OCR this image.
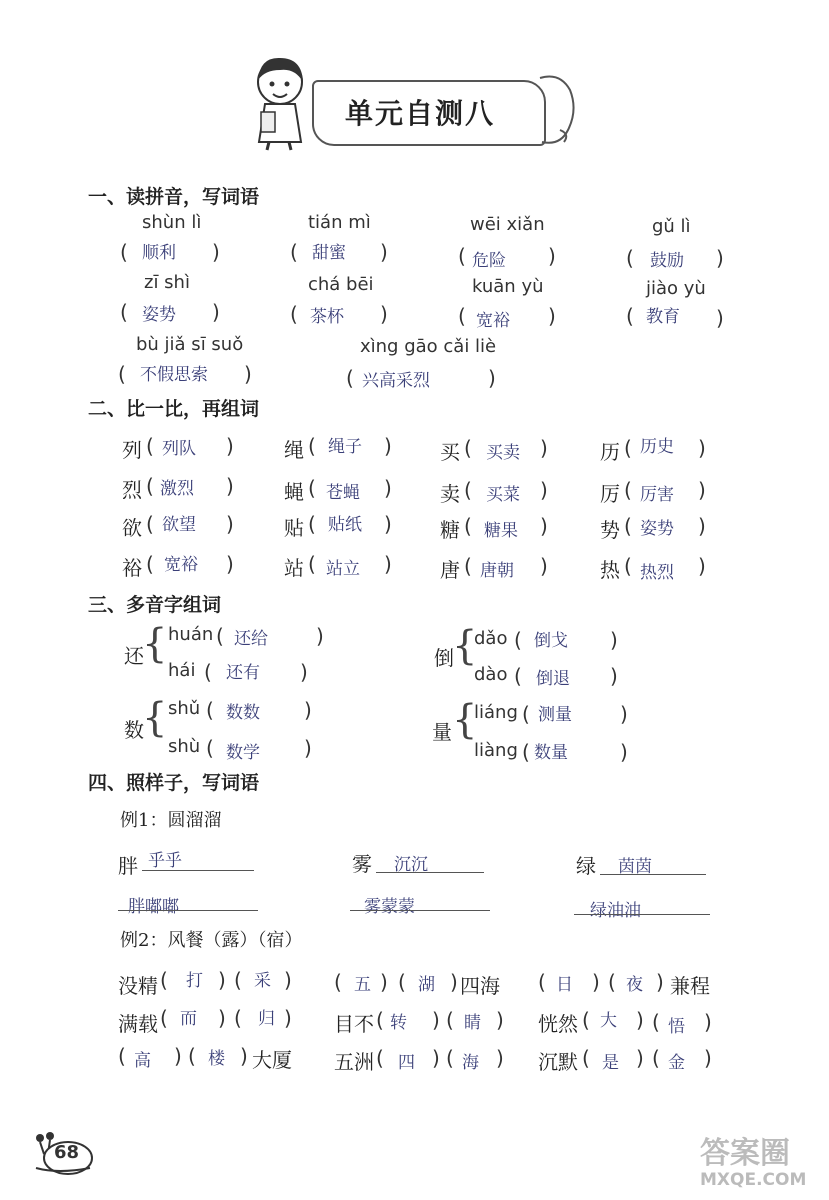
单元自测八
一、读拼音，写词语
shùn lì
( 顺利 )
tián mì
( 甜蜜 )
wēi xiǎn
( 危险 )
gǔ lì
( 鼓励 )
zī shì
( 姿势 )
chá bēi
( 茶杯 )
kuān yù
( 宽裕 )
jiào yù
( 教育 )
bù jiǎ sī suǒ
( 不假思索 )
xìng gāo cǎi liè
( 兴高采烈	)
二、比一比，再组词
列 ( 列队 )	绳 ( 绳子 ) 买 ( 买卖 )	历 ( 历史 )
烈 ( 激烈 )	蝇 ( 苍蝇 ) 卖 ( 买菜 )	厉 ( 厉害 )
欲 ( 欲望 )	贴 ( 贴纸 ) 糖 ( 糖果 )	势 ( 姿势 )
裕 ( 宽裕 )	站 ( 站立 ) 唐 ( 唐朝 )	热 ( 热烈 )
三、多音字组词
还
{ huán ( 还给 )
hái ( 还有 )
倒
{
dǎo ( 倒戈 )
dào ( 倒退 )
数
{ shǔ ( 数数 )
shù ( 数学 )
量 {
liáng ( 测量 )
liàng ( 数量	)
四、照样子，写词语
例1：圆溜溜
胖 乎乎	雾 沉沉	绿 茵茵
胖嘟嘟	雾蒙蒙	绿油油
例2：风餐（露）（宿）
没精 ( 打 ) ( 采 ) ( 五 ) ( 湖 ) 四海 ( 日 ) ( 夜 ) 兼程
满载 ( 而 ) ( 归 ) 目不 ( 转 ) ( 睛 ) 恍然 ( 大 ) ( 悟 )
( 高 ) ( 楼 ) 大厦 五洲 ( 四 ) ( 海 ) 沉默 ( 是 ) ( 金 )
68	答案圈
MXQE.COM
